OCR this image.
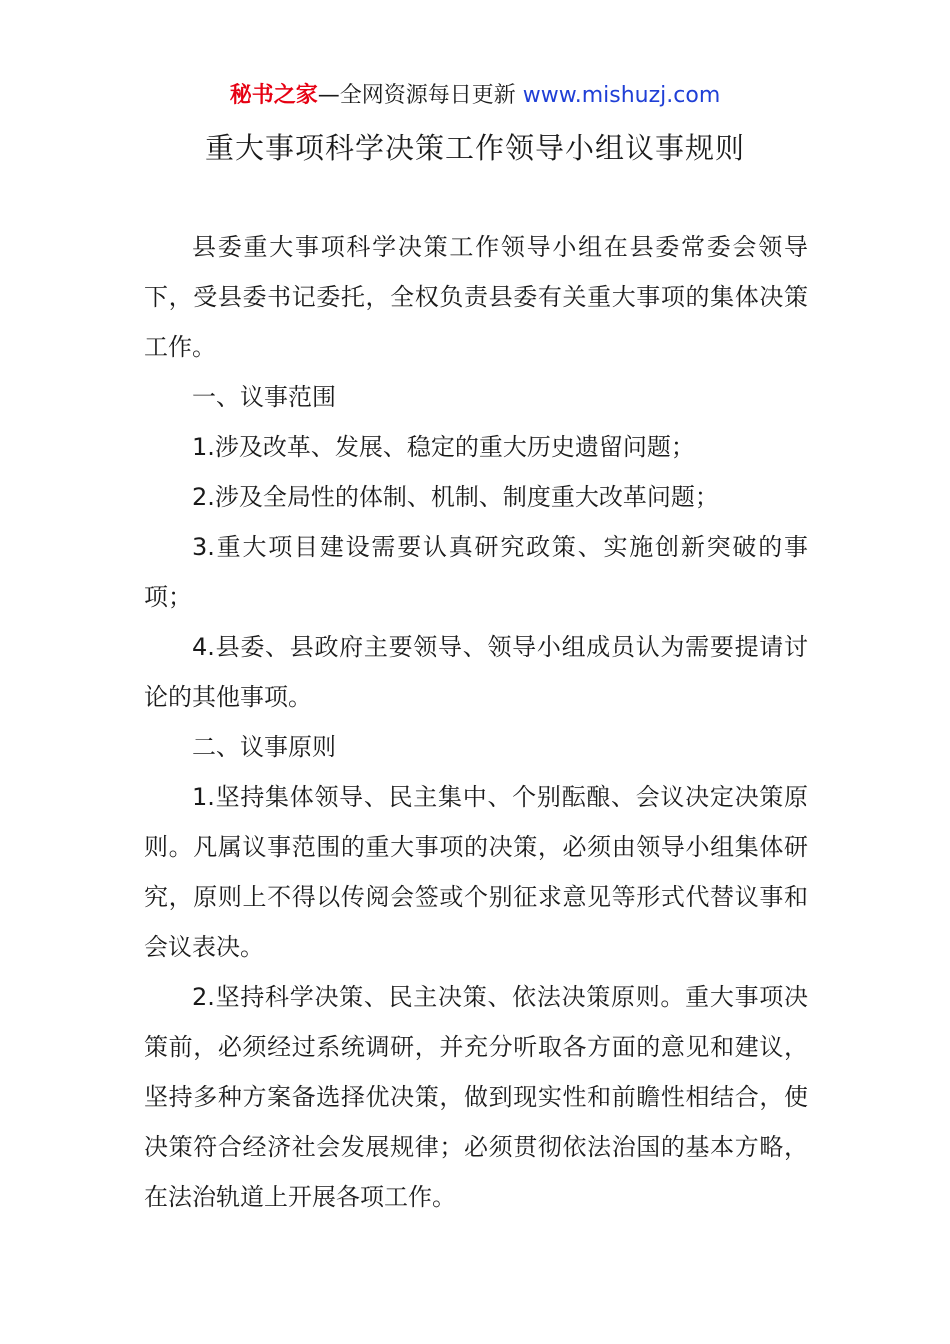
秘书之家—全网资源每日更新 www.mishuzj.com
重大事项科学决策工作领导小组议事规则

县委重大事项科学决策工作领导小组在县委常委会领导下，受县委书记委托，全权负责县委有关重大事项的集体决策工作。

一、议事范围

1.涉及改革、发展、稳定的重大历史遗留问题；

2.涉及全局性的体制、机制、制度重大改革问题；

3.重大项目建设需要认真研究政策、实施创新突破的事项；

4.县委、县政府主要领导、领导小组成员认为需要提请讨论的其他事项。

二、议事原则

1.坚持集体领导、民主集中、个别酝酿、会议决定决策原则。凡属议事范围的重大事项的决策，必须由领导小组集体研究，原则上不得以传阅会签或个别征求意见等形式代替议事和会议表决。

2.坚持科学决策、民主决策、依法决策原则。重大事项决策前，必须经过系统调研，并充分听取各方面的意见和建议，坚持多种方案备选择优决策，做到现实性和前瞻性相结合，使决策符合经济社会发展规律；必须贯彻依法治国的基本方略，在法治轨道上开展各项工作。
